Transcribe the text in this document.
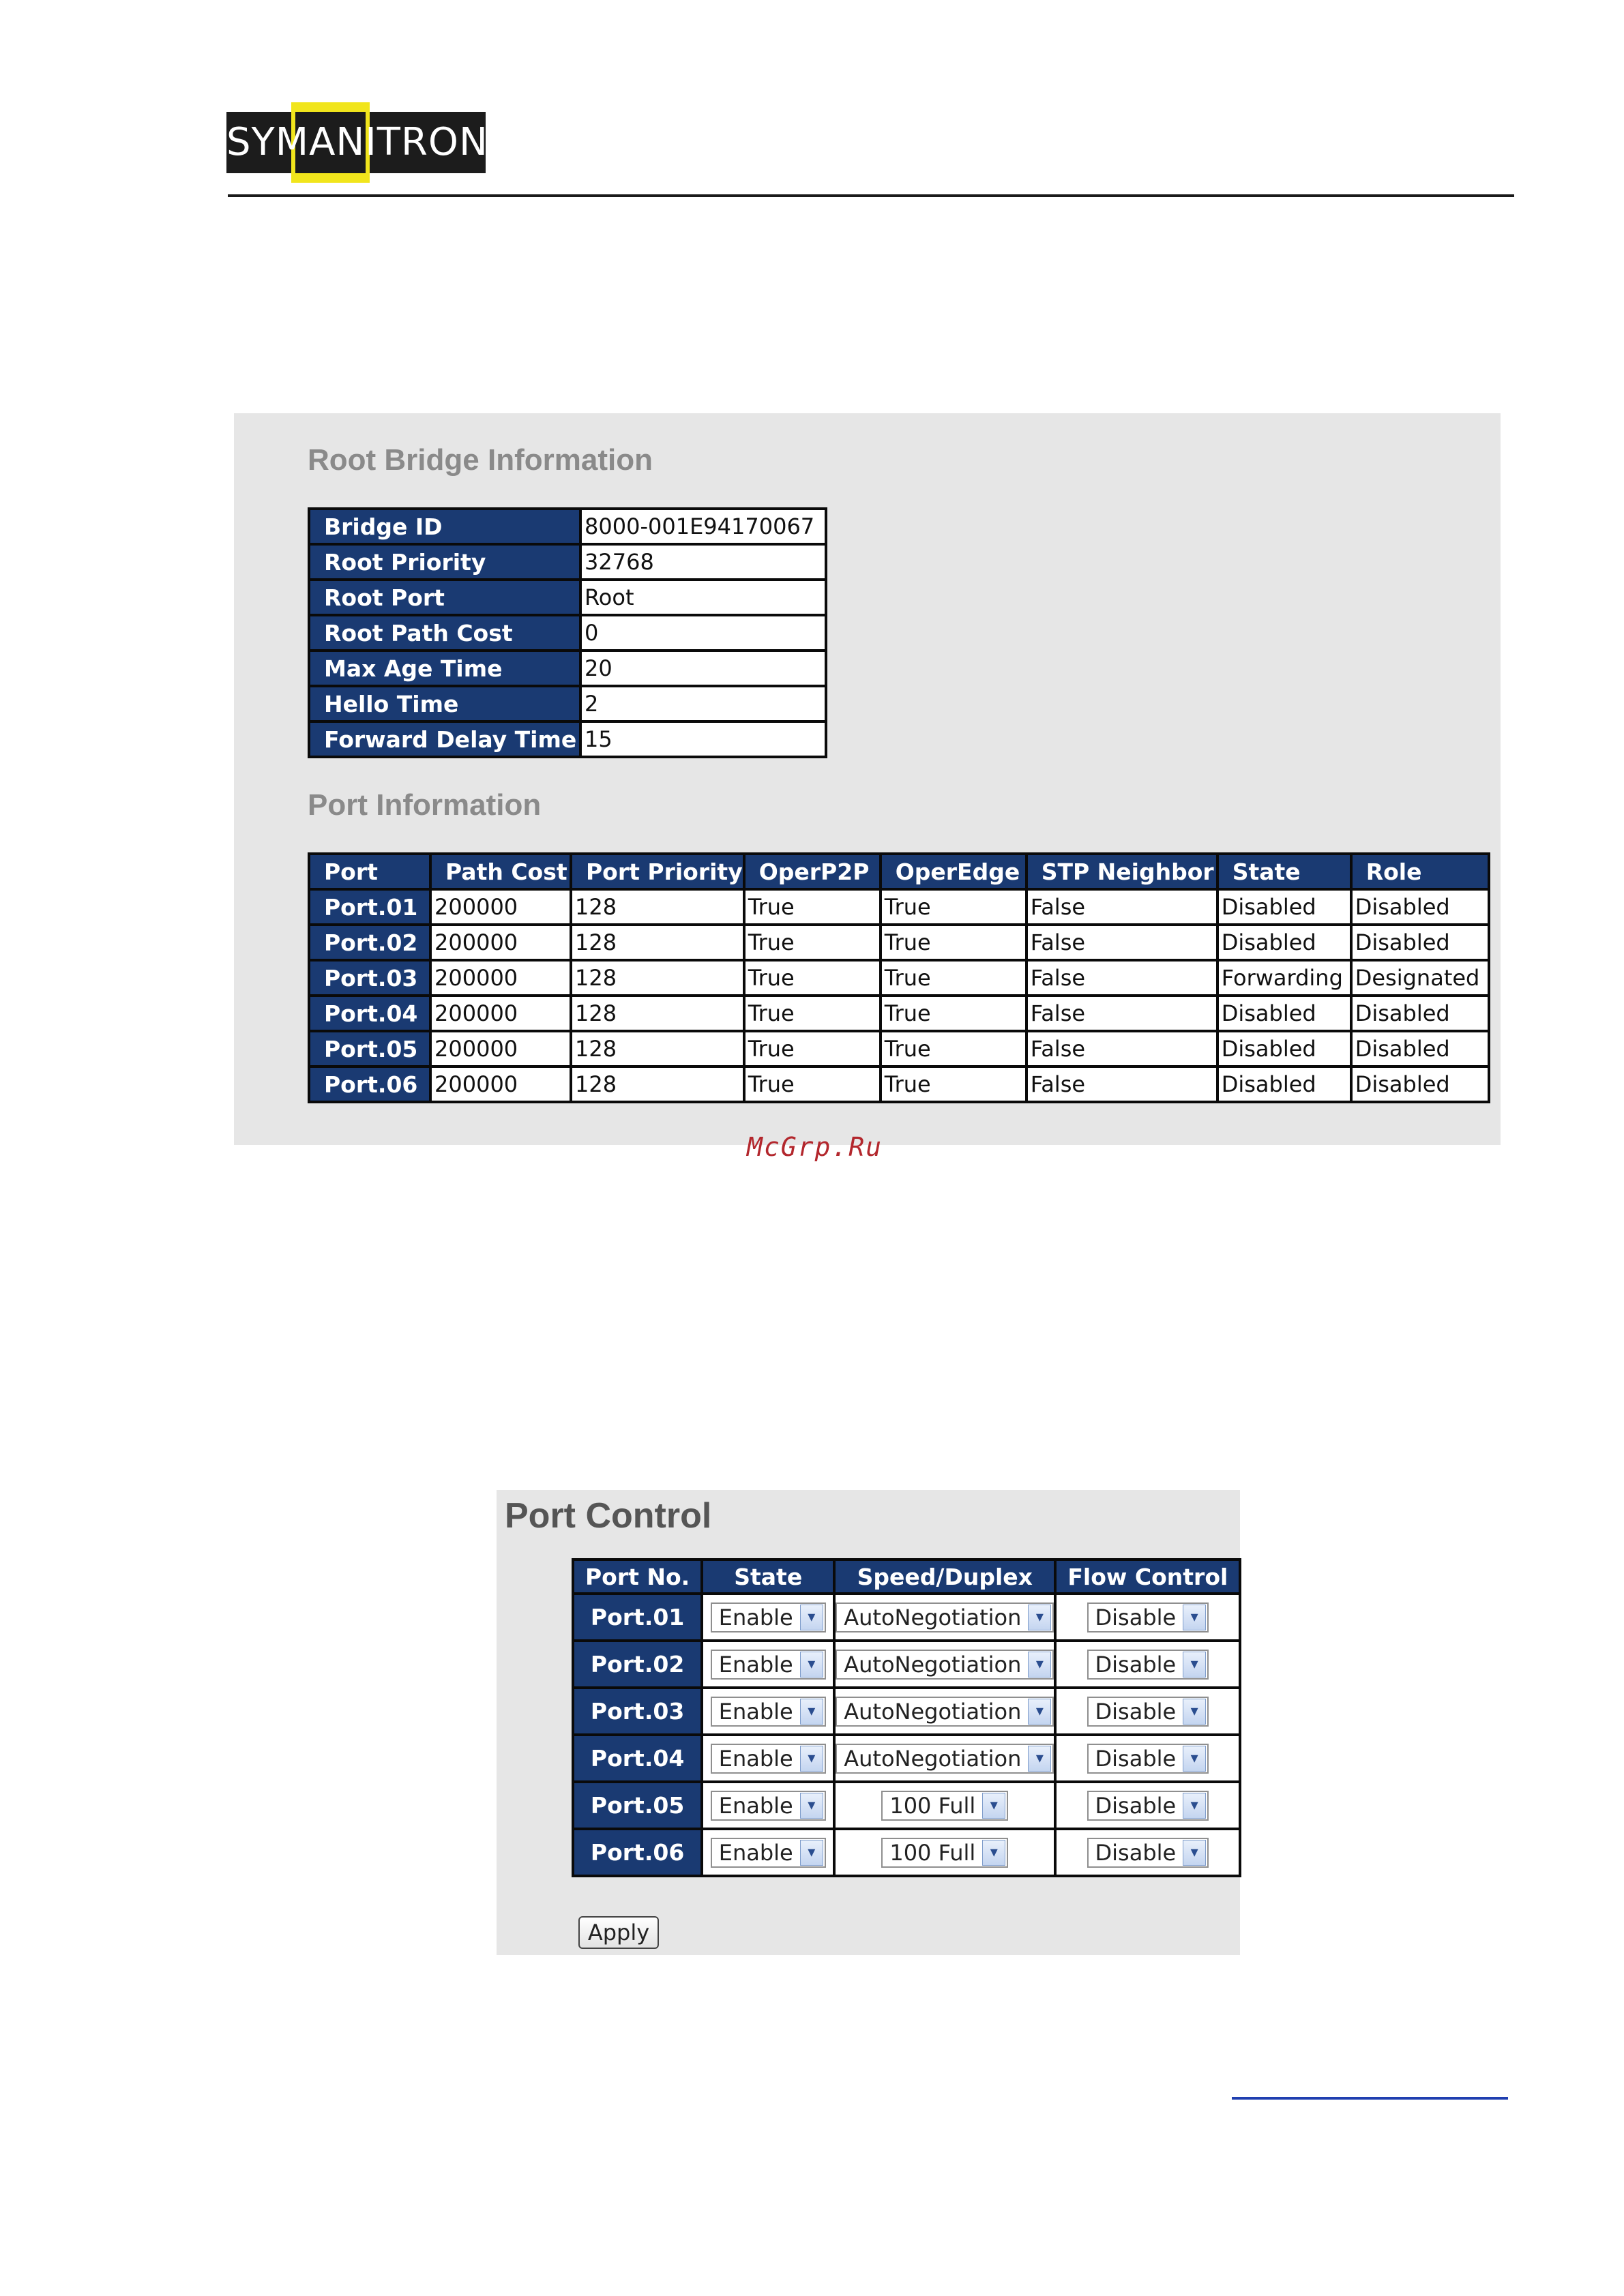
SYMANITRON
Root Bridge Information
Bridge ID	8000-001E94170067
Root Priority	32768
Root Port	Root
Root Path Cost	0
Max Age Time	20
Hello Time	2
Forward Delay Time	15
Port Information
Port	Path Cost	Port Priority	OperP2P	OperEdge	STP Neighbor	State	Role
Port.01	200000	128	True	True	False	Disabled	Disabled
Port.02	200000	128	True	True	False	Disabled	Disabled
Port.03	200000	128	True	True	False	Forwarding	Designated
Port.04	200000	128	True	True	False	Disabled	Disabled
Port.05	200000	128	True	True	False	Disabled	Disabled
Port.06	200000	128	True	True	False	Disabled	Disabled
McGrp.Ru
Port Control
Port No.	State	Speed/Duplex	Flow Control
Port.01	Enable ▾	AutoNegotiation ▾	Disable ▾

Port.02	Enable ▾	AutoNegotiation ▾	Disable ▾

Port.03	Enable ▾	AutoNegotiation ▾	Disable ▾

Port.04	Enable ▾	AutoNegotiation ▾	Disable ▾

Port.05	Enable ▾	100 Full ▾	Disable ▾

Port.06	Enable ▾	100 Full ▾	Disable ▾
Apply
